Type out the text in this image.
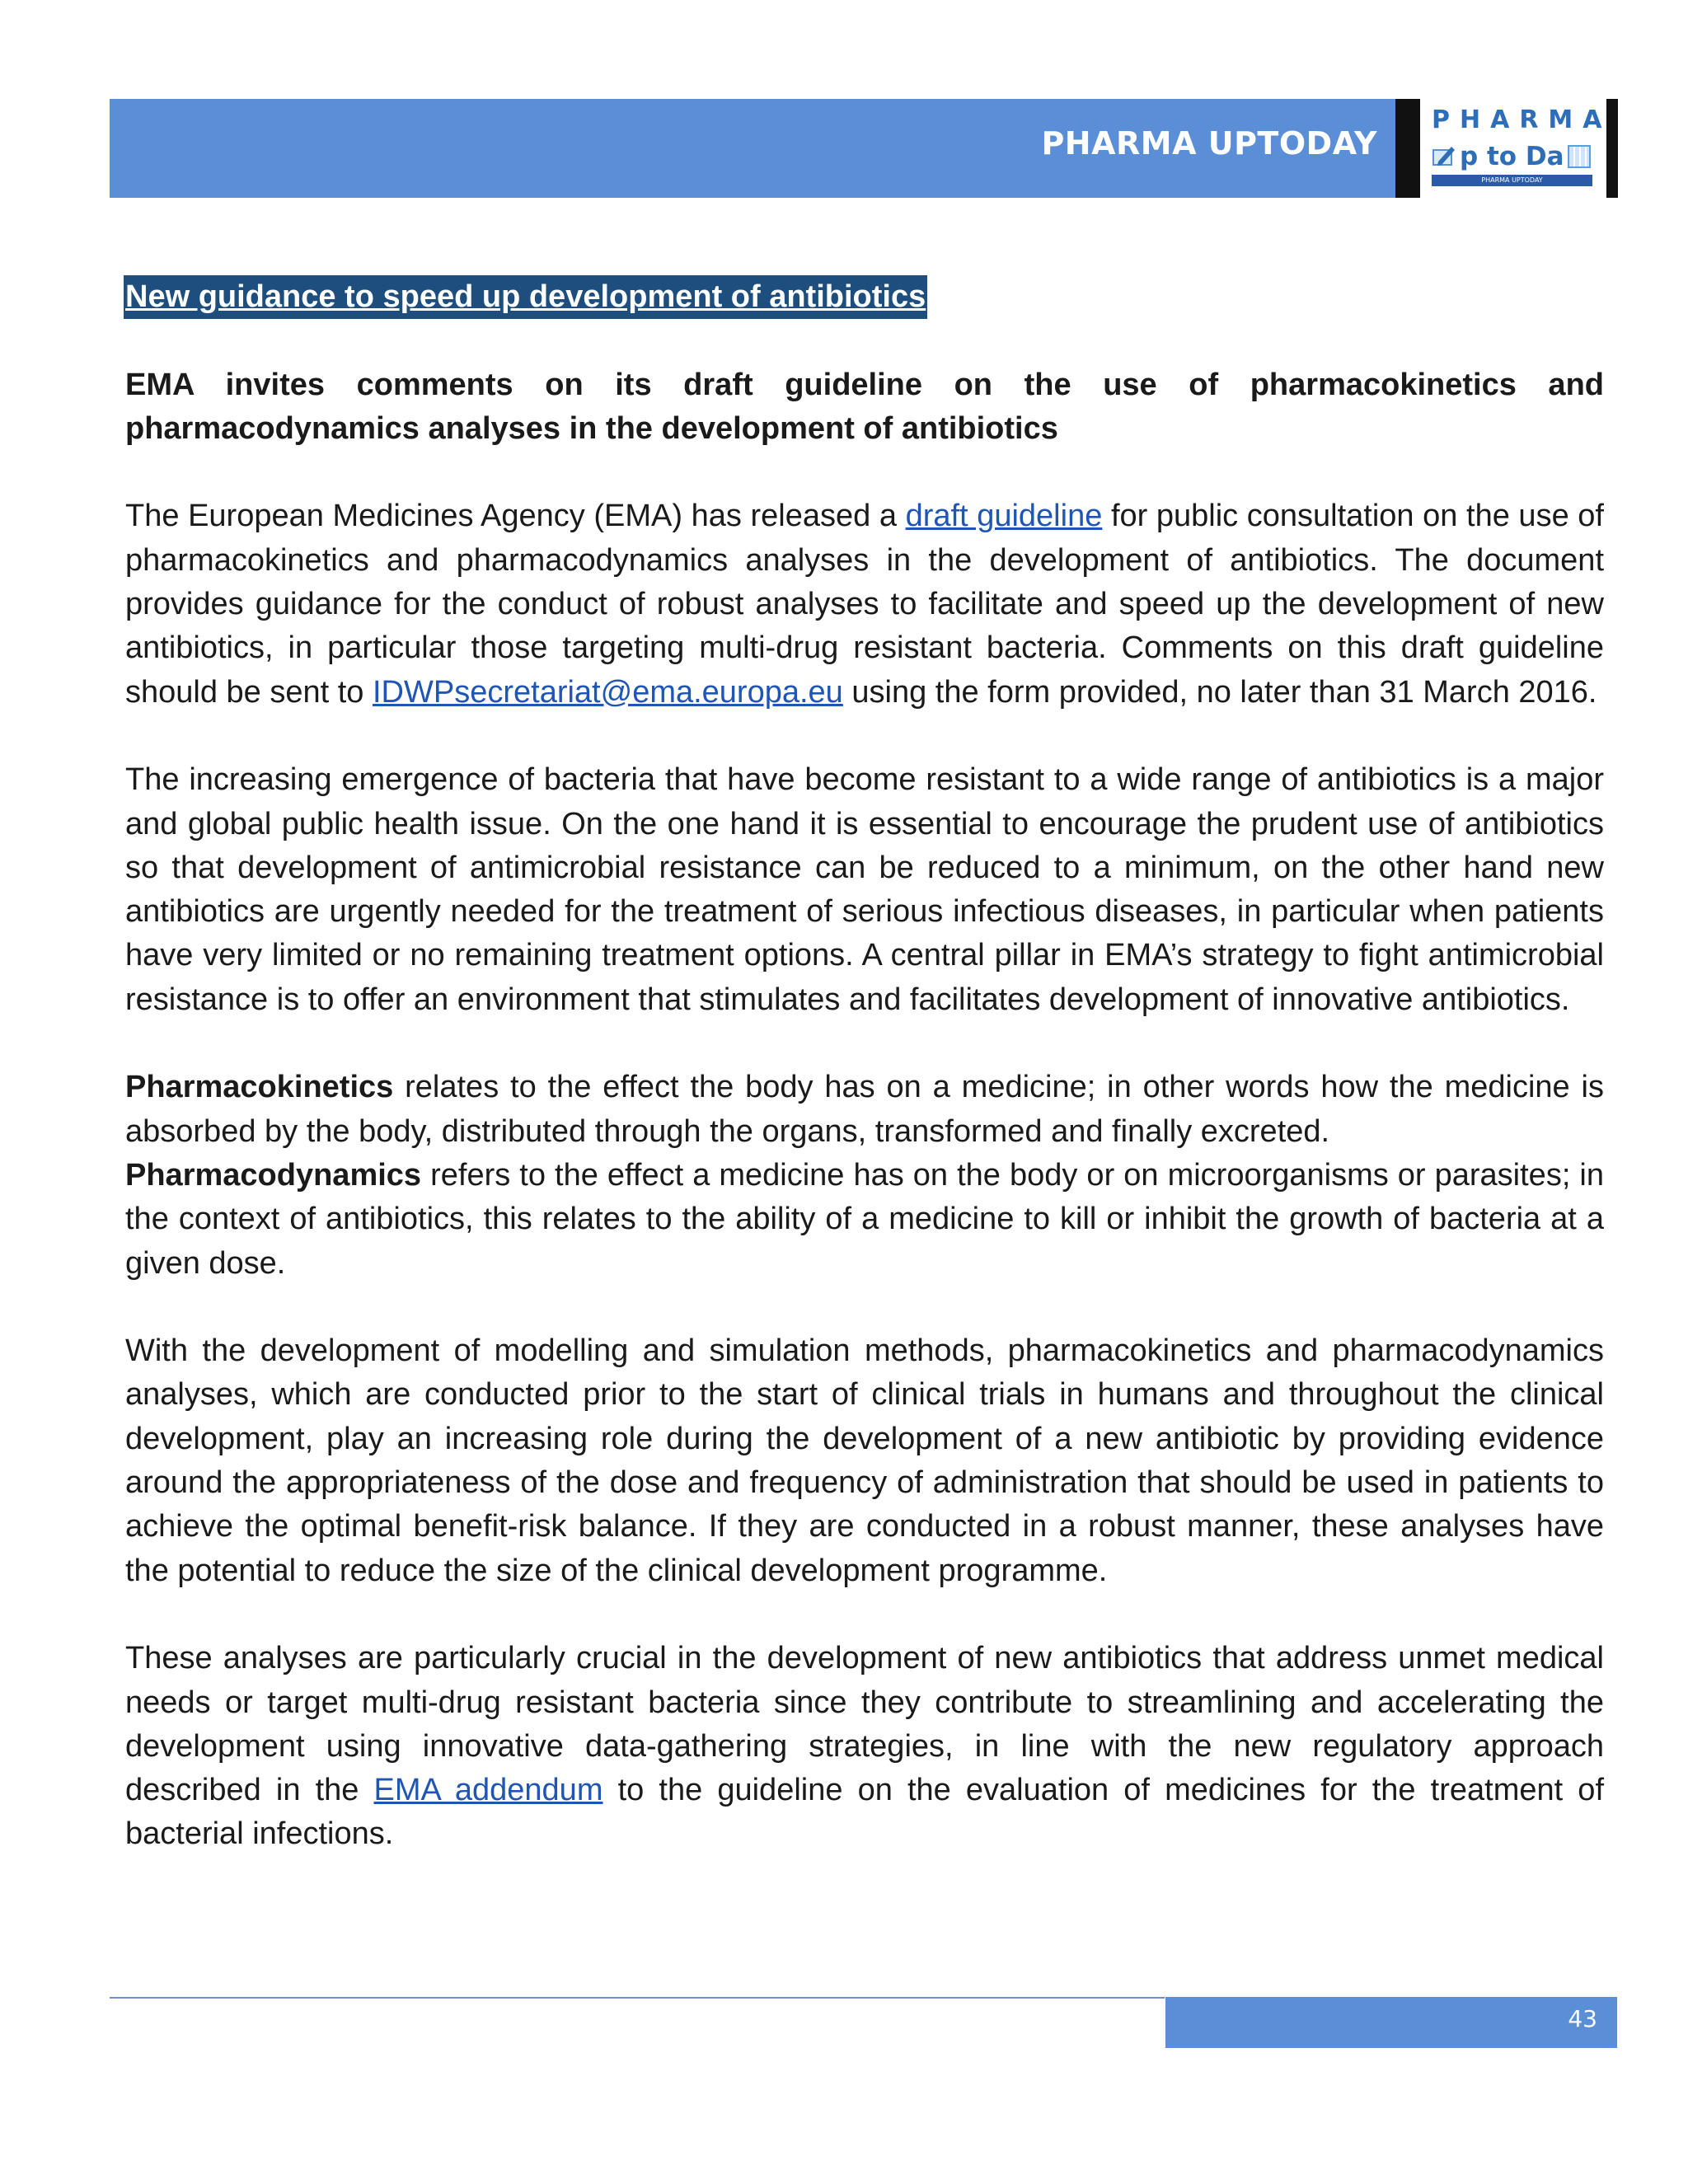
PHARMA UPTODAY
PHARMA
p to Da
PHARMA UPTODAY

New guidance to speed up development of antibiotics

EMA invites comments on its draft guideline on the use of pharmacokinetics and pharmacodynamics analyses in the development of antibiotics

The European Medicines Agency (EMA) has released a draft guideline for public consultation on the use of pharmacokinetics and pharmacodynamics analyses in the development of antibiotics. The document provides guidance for the conduct of robust analyses to facilitate and speed up the development of new antibiotics, in particular those targeting multi-drug resistant bacteria. Comments on this draft guideline should be sent to IDWPsecretariat@ema.europa.eu using the form provided, no later than 31 March 2016.

The increasing emergence of bacteria that have become resistant to a wide range of antibiotics is a major and global public health issue. On the one hand it is essential to encourage the prudent use of antibiotics so that development of antimicrobial resistance can be reduced to a minimum, on the other hand new antibiotics are urgently needed for the treatment of serious infectious diseases, in particular when patients have very limited or no remaining treatment options. A central pillar in EMA’s strategy to fight antimicrobial resistance is to offer an environment that stimulates and facilitates development of innovative antibiotics.

Pharmacokinetics relates to the effect the body has on a medicine; in other words how the medicine is absorbed by the body, distributed through the organs, transformed and finally excreted.

Pharmacodynamics refers to the effect a medicine has on the body or on microorganisms or parasites; in the context of antibiotics, this relates to the ability of a medicine to kill or inhibit the growth of bacteria at a given dose.

With the development of modelling and simulation methods, pharmacokinetics and pharmacodynamics analyses, which are conducted prior to the start of clinical trials in humans and throughout the clinical development, play an increasing role during the development of a new antibiotic by providing evidence around the appropriateness of the dose and frequency of administration that should be used in patients to achieve the optimal benefit-risk balance. If they are conducted in a robust manner, these analyses have the potential to reduce the size of the clinical development programme.

These analyses are particularly crucial in the development of new antibiotics that address unmet medical needs or target multi-drug resistant bacteria since they contribute to streamlining and accelerating the development using innovative data-gathering strategies, in line with the new regulatory approach described in the EMA addendum to the guideline on the evaluation of medicines for the treatment of bacterial infections.

43
